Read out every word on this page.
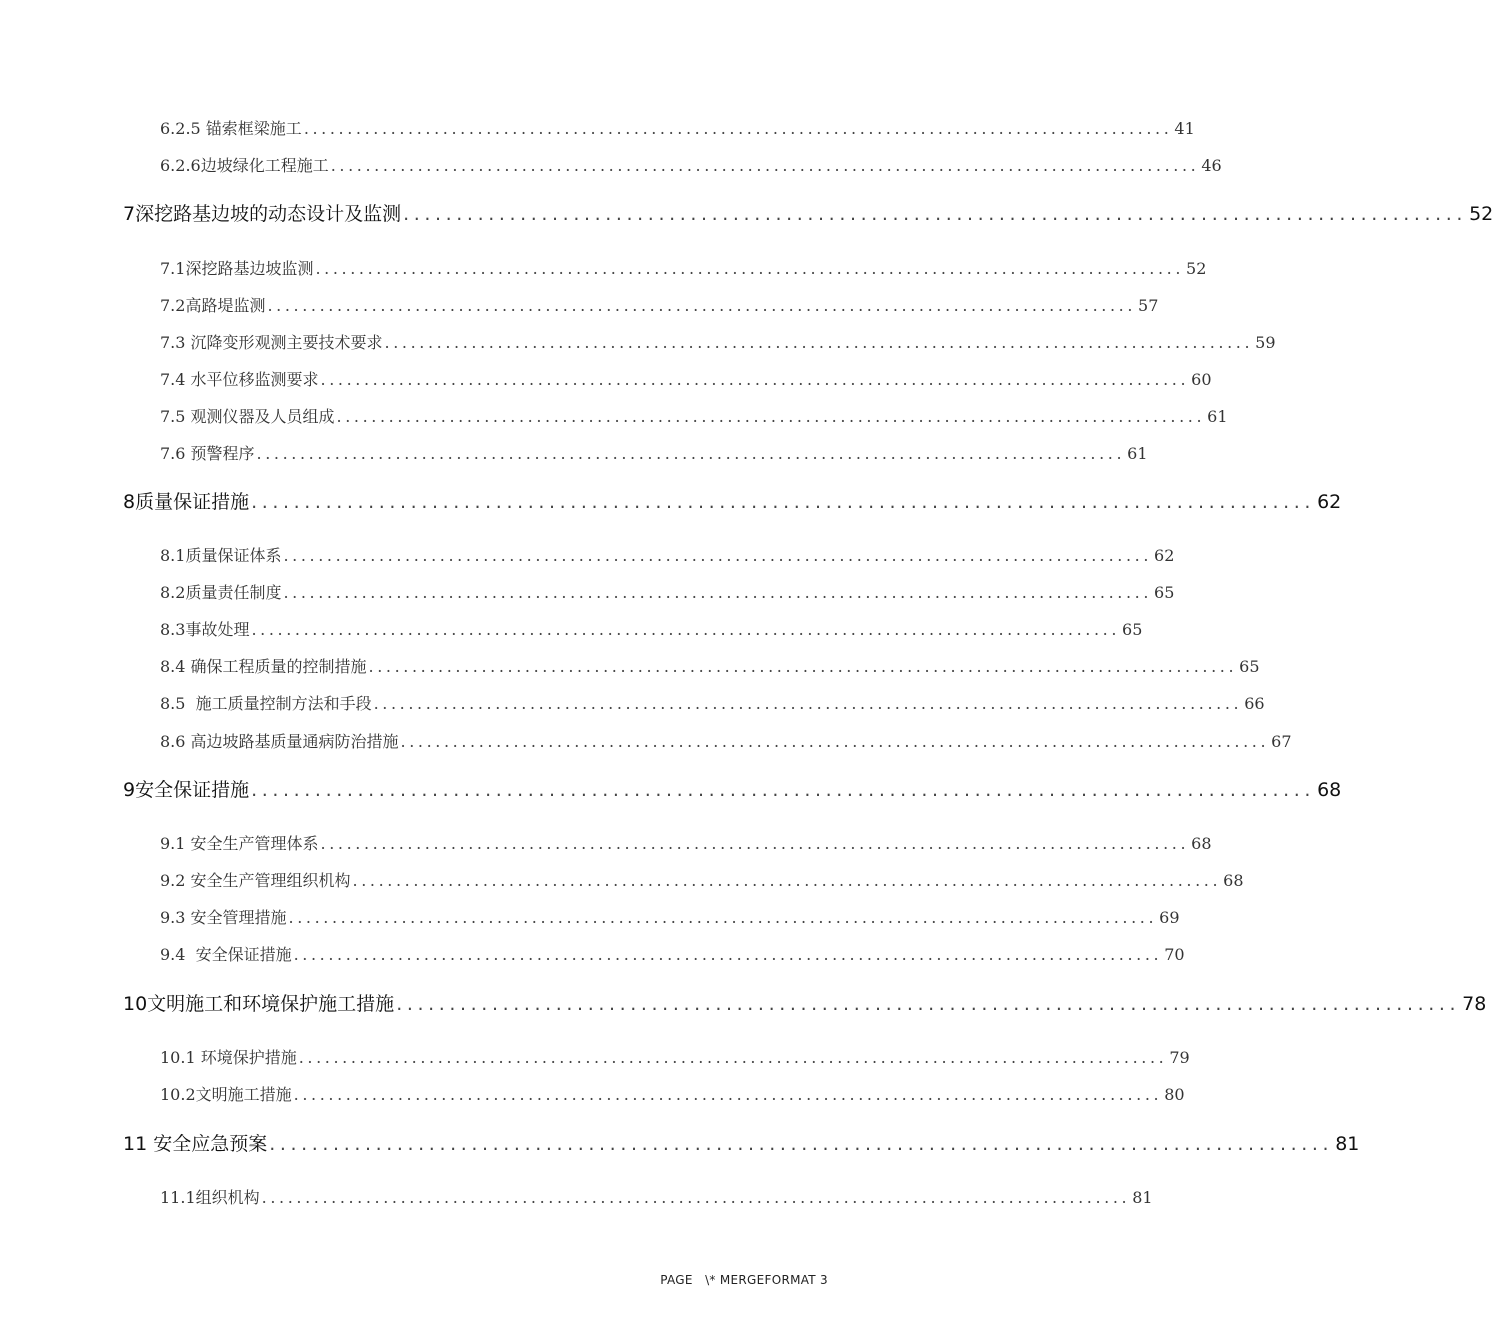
6.2.5 锚索框梁施工 .................................................................................................... 41
6.2.6边坡绿化工程施工 .................................................................................................... 46
7深挖路基边坡的动态设计及监测 .................................................................................................... 52
7.1深挖路基边坡监测 .................................................................................................... 52
7.2高路堤监测 .................................................................................................... 57
7.3 沉降变形观测主要技术要求 .................................................................................................... 59
7.4 水平位移监测要求 .................................................................................................... 60
7.5 观测仪器及人员组成 .................................................................................................... 61
7.6 预警程序 .................................................................................................... 61
8质量保证措施 .................................................................................................... 62
8.1质量保证体系 .................................................................................................... 62
8.2质量责任制度 .................................................................................................... 65
8.3事故处理 .................................................................................................... 65
8.4 确保工程质量的控制措施 .................................................................................................... 65
8.5  施工质量控制方法和手段 .................................................................................................... 66
8.6 高边坡路基质量通病防治措施 .................................................................................................... 67
9安全保证措施 .................................................................................................... 68
9.1 安全生产管理体系 .................................................................................................... 68
9.2 安全生产管理组织机构 .................................................................................................... 68
9.3 安全管理措施 .................................................................................................... 69
9.4  安全保证措施 .................................................................................................... 70
10文明施工和环境保护施工措施 .................................................................................................... 78
10.1 环境保护措施 .................................................................................................... 79
10.2文明施工措施 .................................................................................................... 80
11 安全应急预案 .................................................................................................... 81
11.1组织机构 .................................................................................................... 81
PAGE   \* MERGEFORMAT 3
